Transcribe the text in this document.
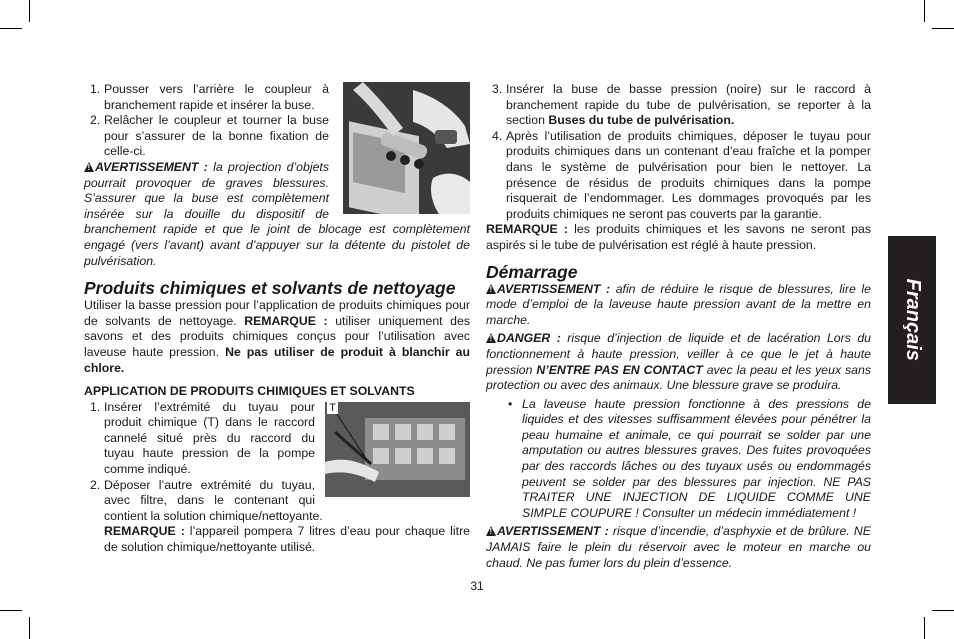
1. Pousser vers l’arrière le coupleur à branchement rapide et insérer la buse.
2. Relâcher le coupleur et tourner la buse pour s’assurer de la bonne fixation de celle-ci.

!AVERTISSEMENT : la projection d’objets pourrait provoquer de graves blessures. S’assurer que la buse est complètement insérée sur la douille du dispositif de branchement rapide et que le joint de blocage est complètement engagé (vers l’avant) avant d’appuyer sur la détente du pistolet de pulvérisation.

Produits chimiques et solvants de nettoyage

Utiliser la basse pression pour l’application de produits chimiques pour de solvants de nettoyage. REMARQUE : utiliser uniquement des savons et des produits chimiques conçus pour l’utilisation avec laveuse haute pression. Ne pas utiliser de produit à blanchir au chlore.

APPLICATION DE PRODUITS CHIMIQUES ET SOLVANTS
T
1. Insérer l’extrémité du tuyau pour produit chimique (T) dans le raccord cannelé situé près du raccord du tuyau haute pression de la pompe comme indiqué.
2. Déposer l’autre extrémité du tuyau, avec filtre, dans le contenant qui contient la solution chimique/nettoyante.

REMARQUE : l’appareil pompera 7 litres d’eau pour chaque litre de solution chimique/nettoyante utilisé.

3. Insérer la buse de basse pression (noire) sur le raccord à branchement rapide du tube de pulvérisation, se reporter à la section Buses du tube de pulvérisation.
4. Après l’utilisation de produits chimiques, déposer le tuyau pour produits chimiques dans un contenant d’eau fraîche et la pomper dans le système de pulvérisation pour bien le nettoyer. La présence de résidus de produits chimiques dans la pompe risquerait de l’endommager. Les dommages provoqués par les produits chimiques ne seront pas couverts par la garantie.

REMARQUE : les produits chimiques et les savons ne seront pas aspirés si le tube de pulvérisation est réglé à haute pression.

Démarrage

!AVERTISSEMENT : afin de réduire le risque de blessures, lire le mode d’emploi de la laveuse haute pression avant de la mettre en marche.

!DANGER : risque d’injection de liquide et de lacération Lors du fonctionnement à haute pression, veiller à ce que le jet à haute pression N’ENTRE PAS EN CONTACT avec la peau et les yeux sans protection ou avec des animaux. Une blessure grave se produira.

• La laveuse haute pression fonctionne à des pressions de liquides et des vitesses suffisamment élevées pour pénétrer la peau humaine et animale, ce qui pourrait se solder par une amputation ou autres blessures graves. Des fuites provoquées par des raccords lâches ou des tuyaux usés ou endommagés peuvent se solder par des blessures par injection. NE PAS TRAITER UNE INJECTION DE LIQUIDE COMME UNE SIMPLE COUPURE ! Consulter un médecin immédiatement !

!AVERTISSEMENT : risque d’incendie, d’asphyxie et de brûlure. NE JAMAIS faire le plein du réservoir avec le moteur en marche ou chaud. Ne pas fumer lors du plein d’essence.

Français
31
